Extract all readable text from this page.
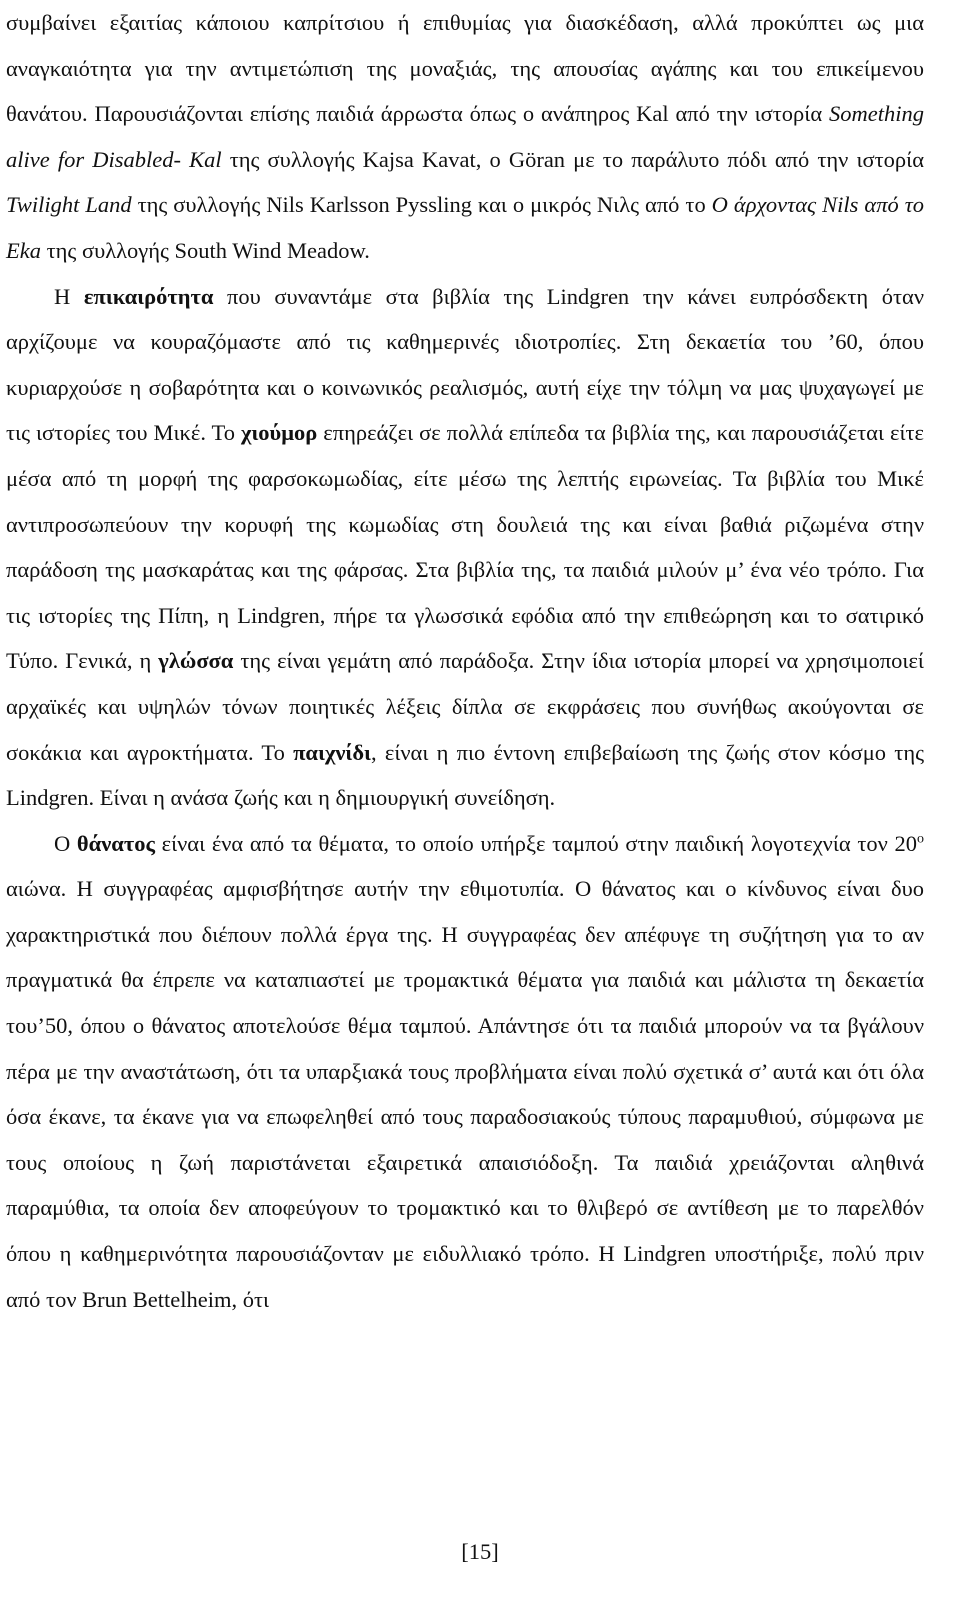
συμβαίνει εξαιτίας κάποιου καπρίτσιου ή επιθυμίας για διασκέδαση, αλλά προκύπτει ως μια αναγκαιότητα για την αντιμετώπιση της μοναξιάς, της απουσίας αγάπης και του επικείμενου θανάτου. Παρουσιάζονται επίσης παιδιά άρρωστα όπως ο ανάπηρος Kal από την ιστορία Something alive for Disabled- Kal της συλλογής Kajsa Kavat, ο Göran με το παράλυτο πόδι από την ιστορία Twilight Land της συλλογής Nils Karlsson Pyssling και ο μικρός Νιλς από το Ο άρχοντας Nils από το Eka της συλλογής South Wind Meadow.

Η επικαιρότητα που συναντάμε στα βιβλία της Lindgren την κάνει ευπρόσδεκτη όταν αρχίζουμε να κουραζόμαστε από τις καθημερινές ιδιοτροπίες. Στη δεκαετία του ’60, όπου κυριαρχούσε η σοβαρότητα και ο κοινωνικός ρεαλισμός, αυτή είχε την τόλμη να μας ψυχαγωγεί με τις ιστορίες του Μικέ. Το χιούμορ επηρεάζει σε πολλά επίπεδα τα βιβλία της, και παρουσιάζεται είτε μέσα από τη μορφή της φαρσοκωμωδίας, είτε μέσω της λεπτής ειρωνείας. Τα βιβλία του Μικέ αντιπροσωπεύουν την κορυφή της κωμωδίας στη δουλειά της και είναι βαθιά ριζωμένα στην παράδοση της μασκαράτας και της φάρσας. Στα βιβλία της, τα παιδιά μιλούν μ’ ένα νέο τρόπο. Για τις ιστορίες της Πίπη, η Lindgren, πήρε τα γλωσσικά εφόδια από την επιθεώρηση και το σατιρικό Τύπο. Γενικά, η γλώσσα της είναι γεμάτη από παράδοξα. Στην ίδια ιστορία μπορεί να χρησιμοποιεί αρχαϊκές και υψηλών τόνων ποιητικές λέξεις δίπλα σε εκφράσεις που συνήθως ακούγονται σε σοκάκια και αγροκτήματα. Το παιχνίδι, είναι η πιο έντονη επιβεβαίωση της ζωής στον κόσμο της Lindgren. Είναι η ανάσα ζωής και η δημιουργική συνείδηση.

Ο θάνατος είναι ένα από τα θέματα, το οποίο υπήρξε ταμπού στην παιδική λογοτεχνία τον $20^o$ αιώνα. Η συγγραφέας αμφισβήτησε αυτήν την εθιμοτυπία. Ο θάνατος και ο κίνδυνος είναι δυο χαρακτηριστικά που διέπουν πολλά έργα της. Η συγγραφέας δεν απέφυγε τη συζήτηση για το αν πραγματικά θα έπρεπε να καταπιαστεί με τρομακτικά θέματα για παιδιά και μάλιστα τη δεκαετία του’50, όπου ο θάνατος αποτελούσε θέμα ταμπού. Απάντησε ότι τα παιδιά μπορούν να τα βγάλουν πέρα με την αναστάτωση, ότι τα υπαρξιακά τους προβλήματα είναι πολύ σχετικά σ’ αυτά και ότι όλα όσα έκανε, τα έκανε για να επωφεληθεί από τους παραδοσιακούς τύπους παραμυθιού, σύμφωνα με τους οποίους η ζωή παριστάνεται εξαιρετικά απαισιόδοξη. Τα παιδιά χρειάζονται αληθινά παραμύθια, τα οποία δεν αποφεύγουν το τρομακτικό και το θλιβερό σε αντίθεση με το παρελθόν όπου η καθημερινότητα παρουσιάζονταν με ειδυλλιακό τρόπο. Η Lindgren υποστήριξε, πολύ πριν από τον Brun Bettelheim, ότι

[15]
